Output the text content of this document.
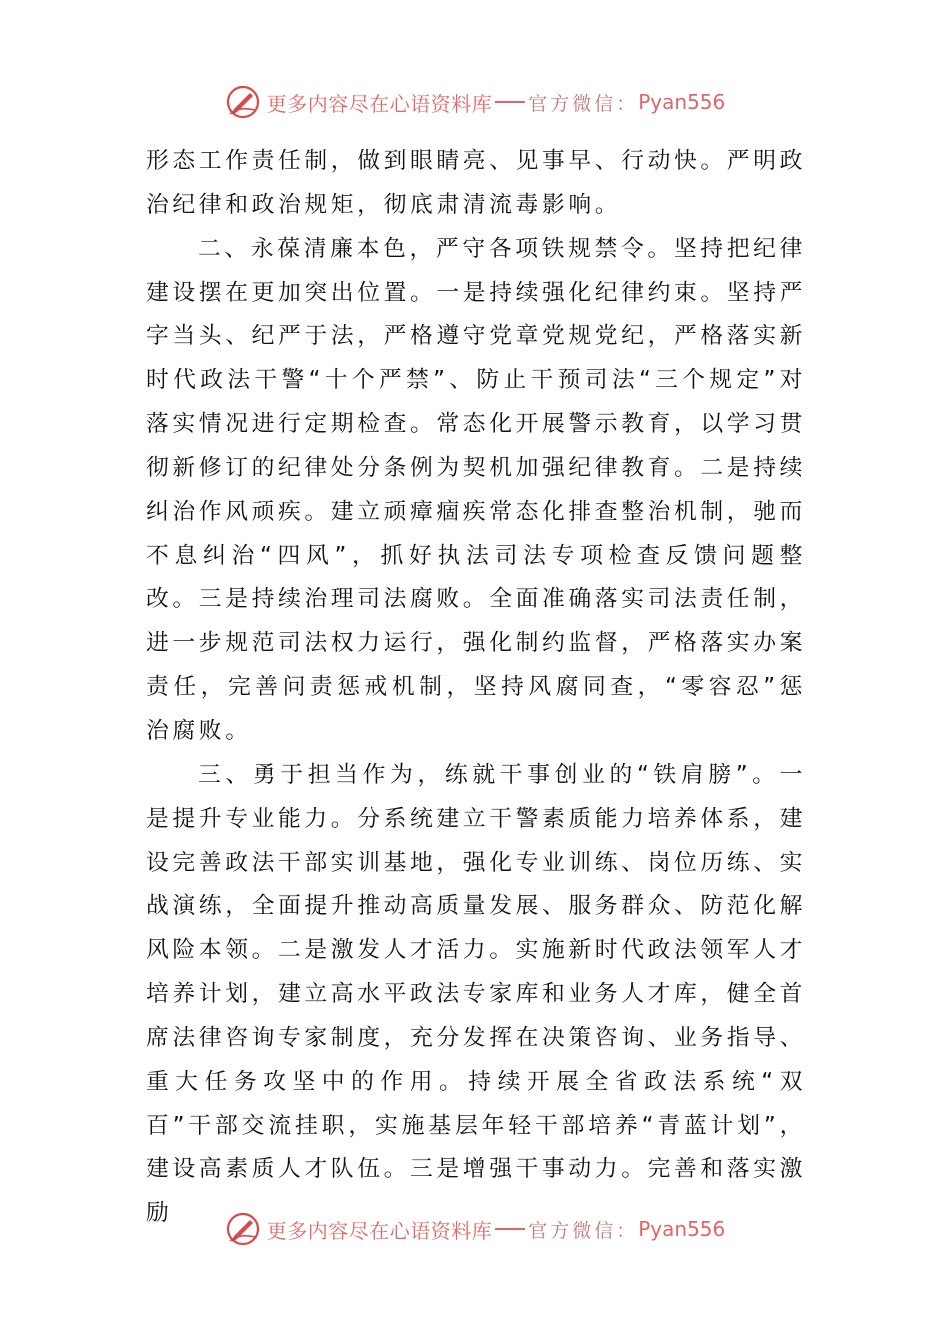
更多内容尽在心语资料库 官方微信： Pyan556

形态工作责任制，做到眼睛亮、见事早、行动快。严明政治纪律和政治规矩，彻底肃清流毒影响。

二、永葆清廉本色，严守各项铁规禁令。坚持把纪律建设摆在更加突出位置。一是持续强化纪律约束。坚持严字当头、纪严于法，严格遵守党章党规党纪，严格落实新时代政法干警“十个严禁”、防止干预司法“三个规定”对落实情况进行定期检查。常态化开展警示教育，以学习贯彻新修订的纪律处分条例为契机加强纪律教育。二是持续纠治作风顽疾。建立顽瘴痼疾常态化排查整治机制，驰而不息纠治“四风”，抓好执法司法专项检查反馈问题整改。三是持续治理司法腐败。全面准确落实司法责任制，进一步规范司法权力运行，强化制约监督，严格落实办案责任，完善问责惩戒机制，坚持风腐同查，“零容忍”惩治腐败。

三、勇于担当作为，练就干事创业的“铁肩膀”。一是提升专业能力。分系统建立干警素质能力培养体系，建设完善政法干部实训基地，强化专业训练、岗位历练、实战演练，全面提升推动高质量发展、服务群众、防范化解风险本领。二是激发人才活力。实施新时代政法领军人才培养计划，建立高水平政法专家库和业务人才库，健全首席法律咨询专家制度，充分发挥在决策咨询、业务指导、重大任务攻坚中的作用。持续开展全省政法系统“双百”干部交流挂职，实施基层年轻干部培养“青蓝计划”，建设高素质人才队伍。三是增强干事动力。完善和落实激励

更多内容尽在心语资料库 官方微信： Pyan556
